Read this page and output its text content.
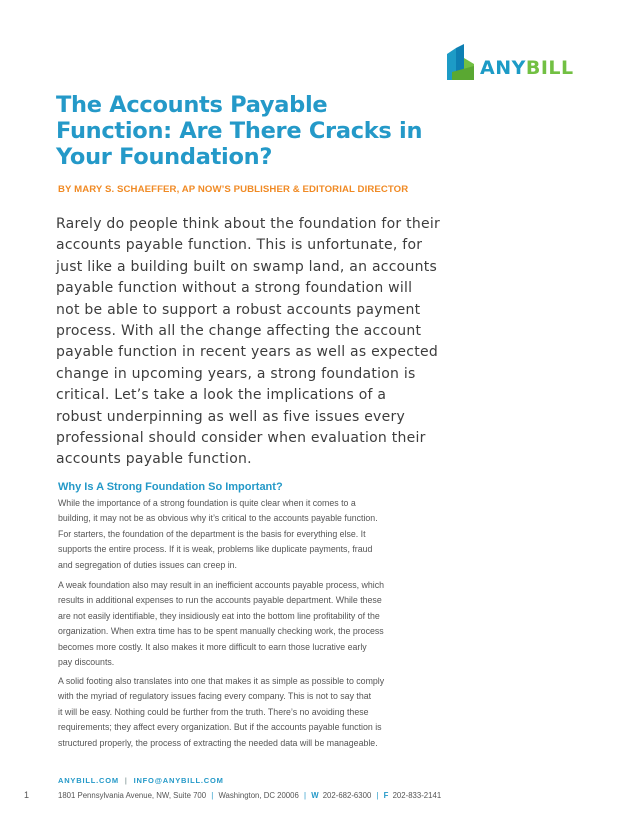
ANYBILL
The Accounts Payable Function: Are There Cracks in Your Foundation?
BY MARY S. SCHAEFFER, AP NOW’S PUBLISHER & EDITORIAL DIRECTOR

Rarely do people think about the foundation for their
accounts payable function. This is unfortunate, for
just like a building built on swamp land, an accounts
payable function without a strong foundation will
not be able to support a robust accounts payment
process. With all the change affecting the account
payable function in recent years as well as expected
change in upcoming years, a strong foundation is
critical. Let’s take a look the implications of a
robust underpinning as well as five issues every
professional should consider when evaluation their
accounts payable function.

Why Is A Strong Foundation So Important?

While the importance of a strong foundation is quite clear when it comes to a
building, it may not be as obvious why it’s critical to the accounts payable function.
For starters, the foundation of the department is the basis for everything else. It
supports the entire process. If it is weak, problems like duplicate payments, fraud
and segregation of duties issues can creep in.

A weak foundation also may result in an inefficient accounts payable process, which
results in additional expenses to run the accounts payable department. While these
are not easily identifiable, they insidiously eat into the bottom line profitability of the
organization. When extra time has to be spent manually checking work, the process
becomes more costly. It also makes it more difficult to earn those lucrative early
pay discounts.

A solid footing also translates into one that makes it as simple as possible to comply
with the myriad of regulatory issues facing every company. This is not to say that
it will be easy. Nothing could be further from the truth. There’s no avoiding these
requirements; they affect every organization. But if the accounts payable function is
structured properly, the process of extracting the needed data will be manageable.

ANYBILL.COM | INFO@ANYBILL.COM
1	1801 Pennsylvania Avenue, NW, Suite 700 | Washington, DC 20006 | W 202-682-6300 | F 202-833-2141
